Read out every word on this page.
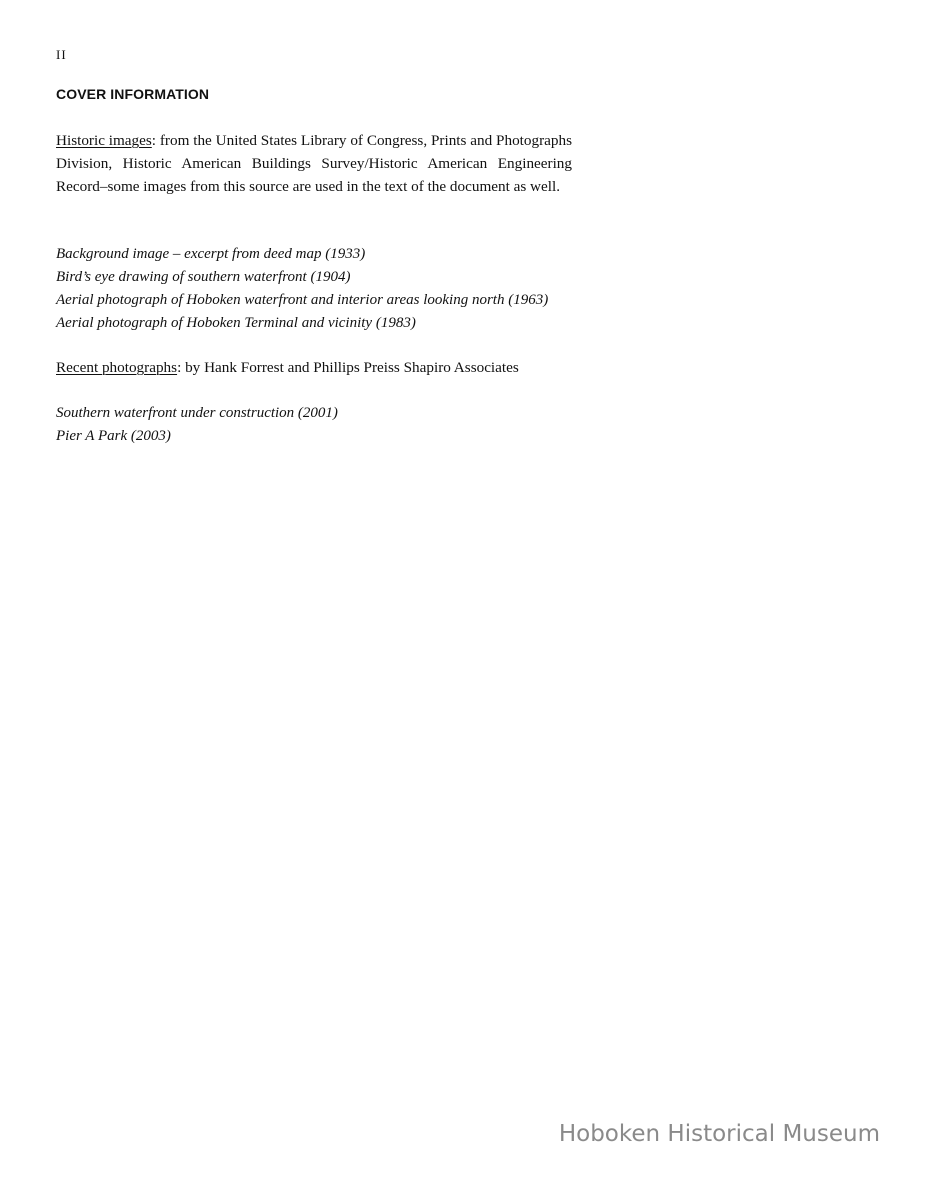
II
COVER INFORMATION

Historic images: from the United States Library of Congress, Prints and Photographs Division, Historic American Buildings Survey/Historic American Engineering Record–some images from this source are used in the text of the document as well.

Background image – excerpt from deed map (1933)
Bird’s eye drawing of southern waterfront (1904)
Aerial photograph of Hoboken waterfront and interior areas looking north (1963)
Aerial photograph of Hoboken Terminal and vicinity (1983)

Recent photographs: by Hank Forrest and Phillips Preiss Shapiro Associates

Southern waterfront under construction (2001)
Pier A Park (2003)
Hoboken Historical Museum
